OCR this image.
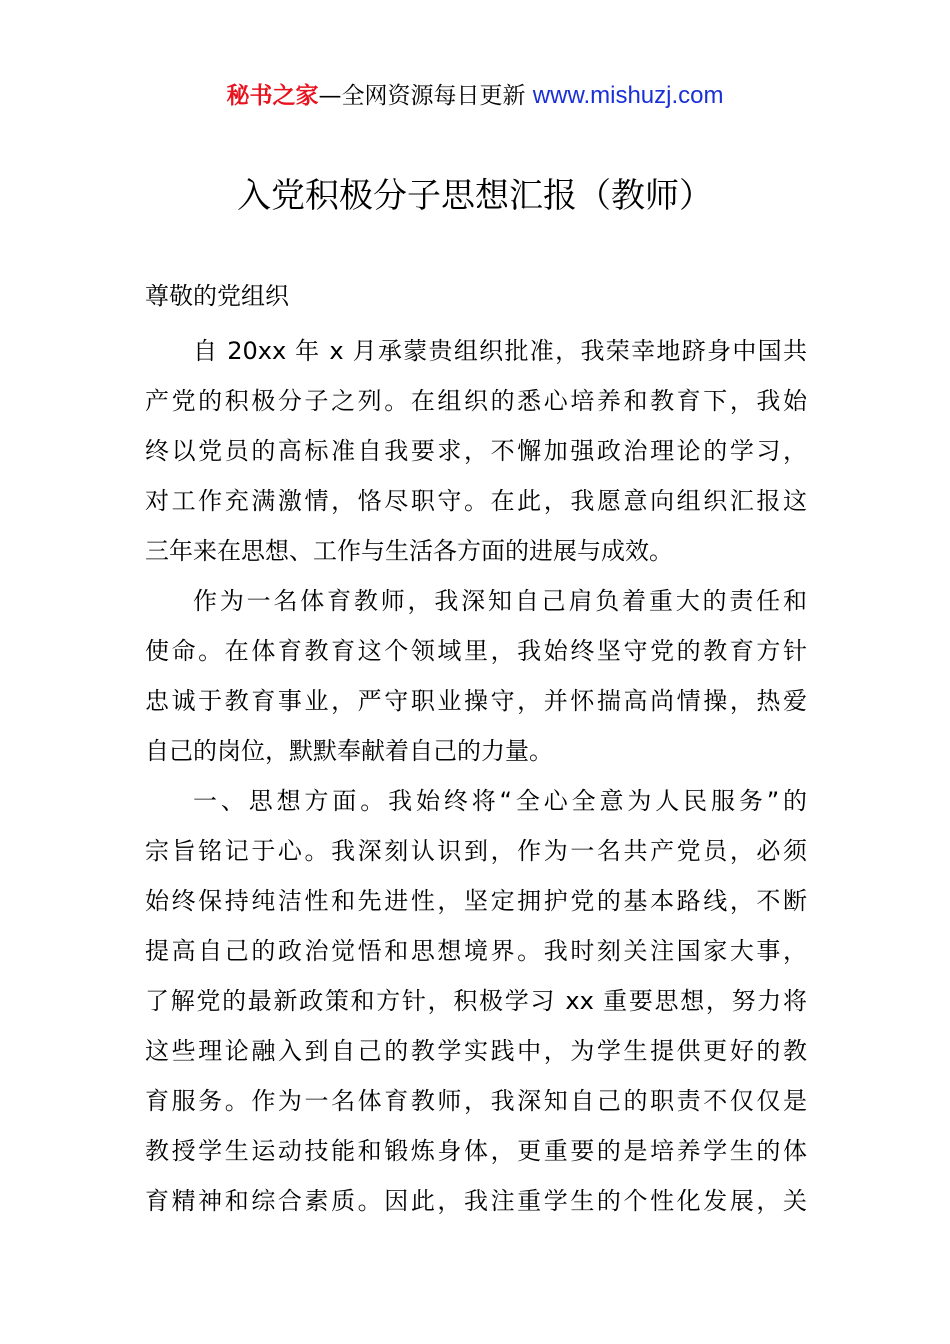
秘书之家—全网资源每日更新 www.mishuzj.com
入党积极分子思想汇报（教师）
尊敬的党组织
自 20xx 年 x 月承蒙贵组织批准，我荣幸地跻身中国共
产党的积极分子之列。在组织的悉心培养和教育下，我始
终以党员的高标准自我要求，不懈加强政治理论的学习，
对工作充满激情，恪尽职守。在此，我愿意向组织汇报这
三年来在思想、工作与生活各方面的进展与成效。
作为一名体育教师，我深知自己肩负着重大的责任和
使命。在体育教育这个领域里，我始终坚守党的教育方针
忠诚于教育事业，严守职业操守，并怀揣高尚情操，热爱
自己的岗位，默默奉献着自己的力量。
一、思想方面。我始终将“全心全意为人民服务”的
宗旨铭记于心。我深刻认识到，作为一名共产党员，必须
始终保持纯洁性和先进性，坚定拥护党的基本路线，不断
提高自己的政治觉悟和思想境界。我时刻关注国家大事，
了解党的最新政策和方针，积极学习 xx 重要思想，努力将
这些理论融入到自己的教学实践中，为学生提供更好的教
育服务。作为一名体育教师，我深知自己的职责不仅仅是
教授学生运动技能和锻炼身体，更重要的是培养学生的体
育精神和综合素质。因此，我注重学生的个性化发展，关
